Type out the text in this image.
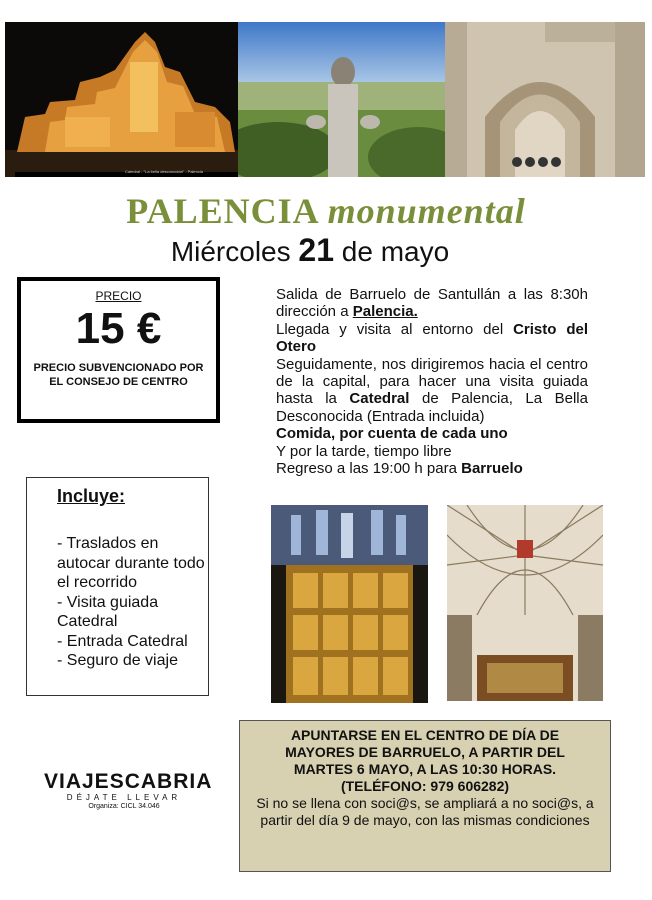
Catedral - "La bella desconocida" - Palencia
PALENCIA monumental
Miércoles 21 de mayo
PRECIO
15 €
PRECIO SUBVENCIONADO POR EL CONSEJO DE CENTRO

Salida de Barruelo de Santullán a las 8:30h dirección a Palencia.

Llegada y visita al entorno del Cristo del Otero

Seguidamente, nos dirigiremos hacia el centro de la capital, para hacer una visita guiada hasta la Catedral de Palencia, La Bella Desconocida (Entrada incluida)

Comida, por cuenta de cada uno

Y por la tarde, tiempo libre

Regreso a las 19:00 h para Barruelo

Incluye:
- Traslados en autocar durante todo el recorrido
- Visita guiada Catedral
- Entrada Catedral
- Seguro de viaje
VIAJESCABRIA
DÉJATE LLEVAR
Organiza: CICL 34.046
APUNTARSE EN EL CENTRO DE DÍA DE MAYORES DE BARRUELO, A PARTIR DEL MARTES 6 MAYO, A LAS 10:30 HORAS. (TELÉFONO: 979 606282)
Si no se llena con soci@s, se ampliará a no soci@s, a partir del día 9 de mayo, con las mismas condiciones
